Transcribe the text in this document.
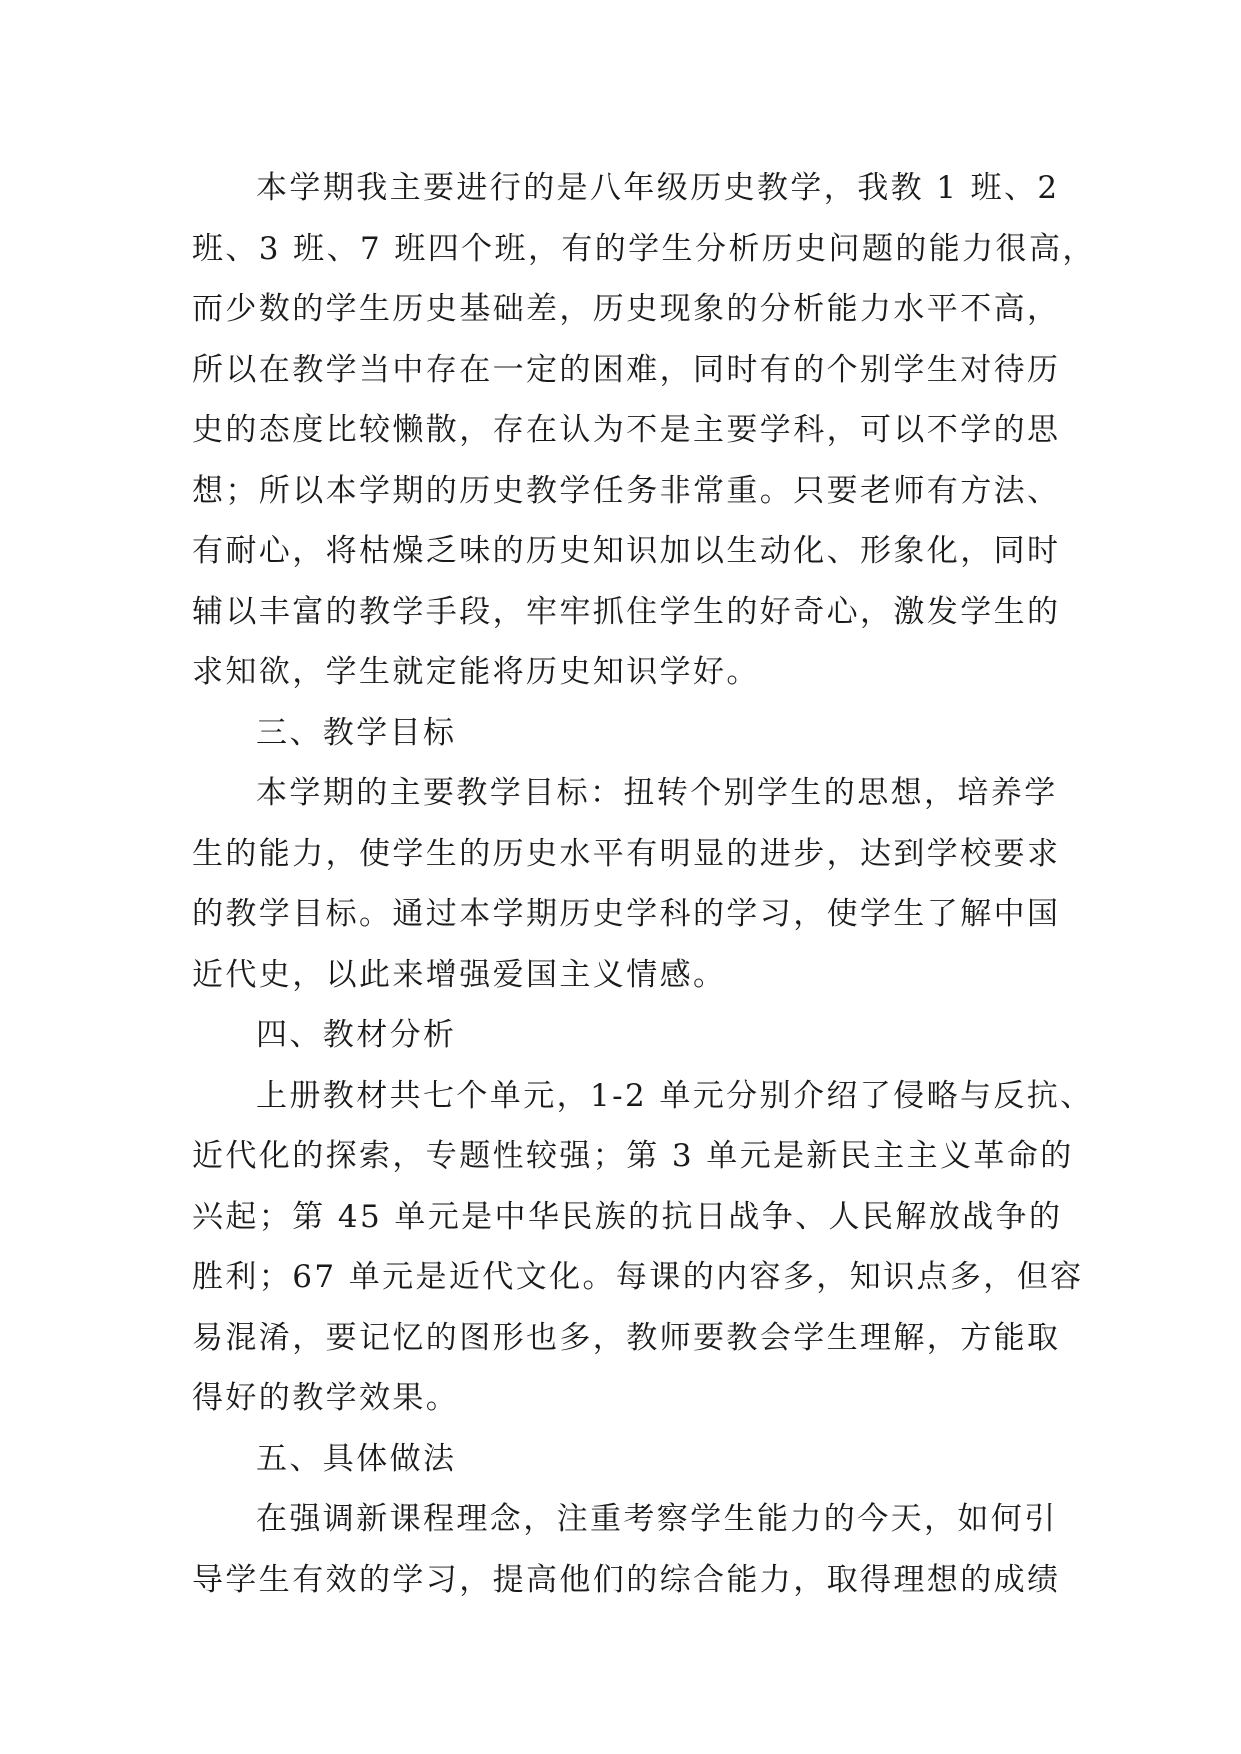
本学期我主要进行的是八年级历史教学，我教 1 班、2
班、3 班、7 班四个班，有的学生分析历史问题的能力很高，
而少数的学生历史基础差，历史现象的分析能力水平不高，
所以在教学当中存在一定的困难，同时有的个别学生对待历
史的态度比较懒散，存在认为不是主要学科，可以不学的思
想；所以本学期的历史教学任务非常重。只要老师有方法、
有耐心，将枯燥乏味的历史知识加以生动化、形象化，同时
辅以丰富的教学手段，牢牢抓住学生的好奇心，激发学生的
求知欲，学生就定能将历史知识学好。

三、教学目标

本学期的主要教学目标：扭转个别学生的思想，培养学
生的能力，使学生的历史水平有明显的进步，达到学校要求
的教学目标。通过本学期历史学科的学习，使学生了解中国
近代史，以此来增强爱国主义情感。

四、教材分析

上册教材共七个单元，1-2 单元分别介绍了侵略与反抗、
近代化的探索，专题性较强；第 3 单元是新民主主义革命的
兴起；第 45 单元是中华民族的抗日战争、人民解放战争的
胜利；67 单元是近代文化。每课的内容多，知识点多，但容
易混淆，要记忆的图形也多，教师要教会学生理解，方能取
得好的教学效果。

五、具体做法

在强调新课程理念，注重考察学生能力的今天，如何引
导学生有效的学习，提高他们的综合能力，取得理想的成绩
